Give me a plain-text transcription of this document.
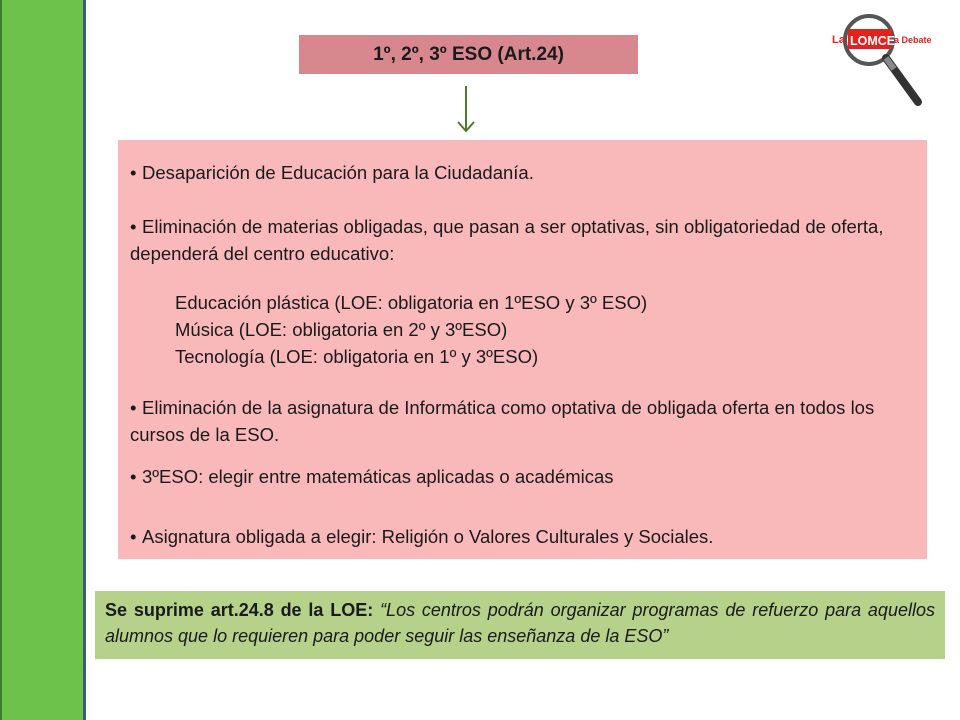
1º, 2º, 3º ESO (Art.24)
La LOMCE
a Debate
• Desaparición de Educación para la Ciudadanía.
• Eliminación de materias obligadas, que pasan a ser optativas, sin obligatoriedad de oferta, dependerá del centro educativo:
Educación plástica (LOE: obligatoria en 1ºESO y 3º ESO)
Música (LOE: obligatoria en 2º y 3ºESO)
Tecnología (LOE: obligatoria en 1º y 3ºESO)
• Eliminación de la asignatura de Informática como optativa de obligada oferta en todos los cursos de la ESO.
• 3ºESO: elegir entre matemáticas aplicadas o académicas
• Asignatura obligada a elegir: Religión o Valores Culturales y Sociales.
Se suprime art.24.8 de la LOE: “Los centros podrán organizar programas de refuerzo para aquellos alumnos que lo requieren para poder seguir las enseñanza de la ESO”
